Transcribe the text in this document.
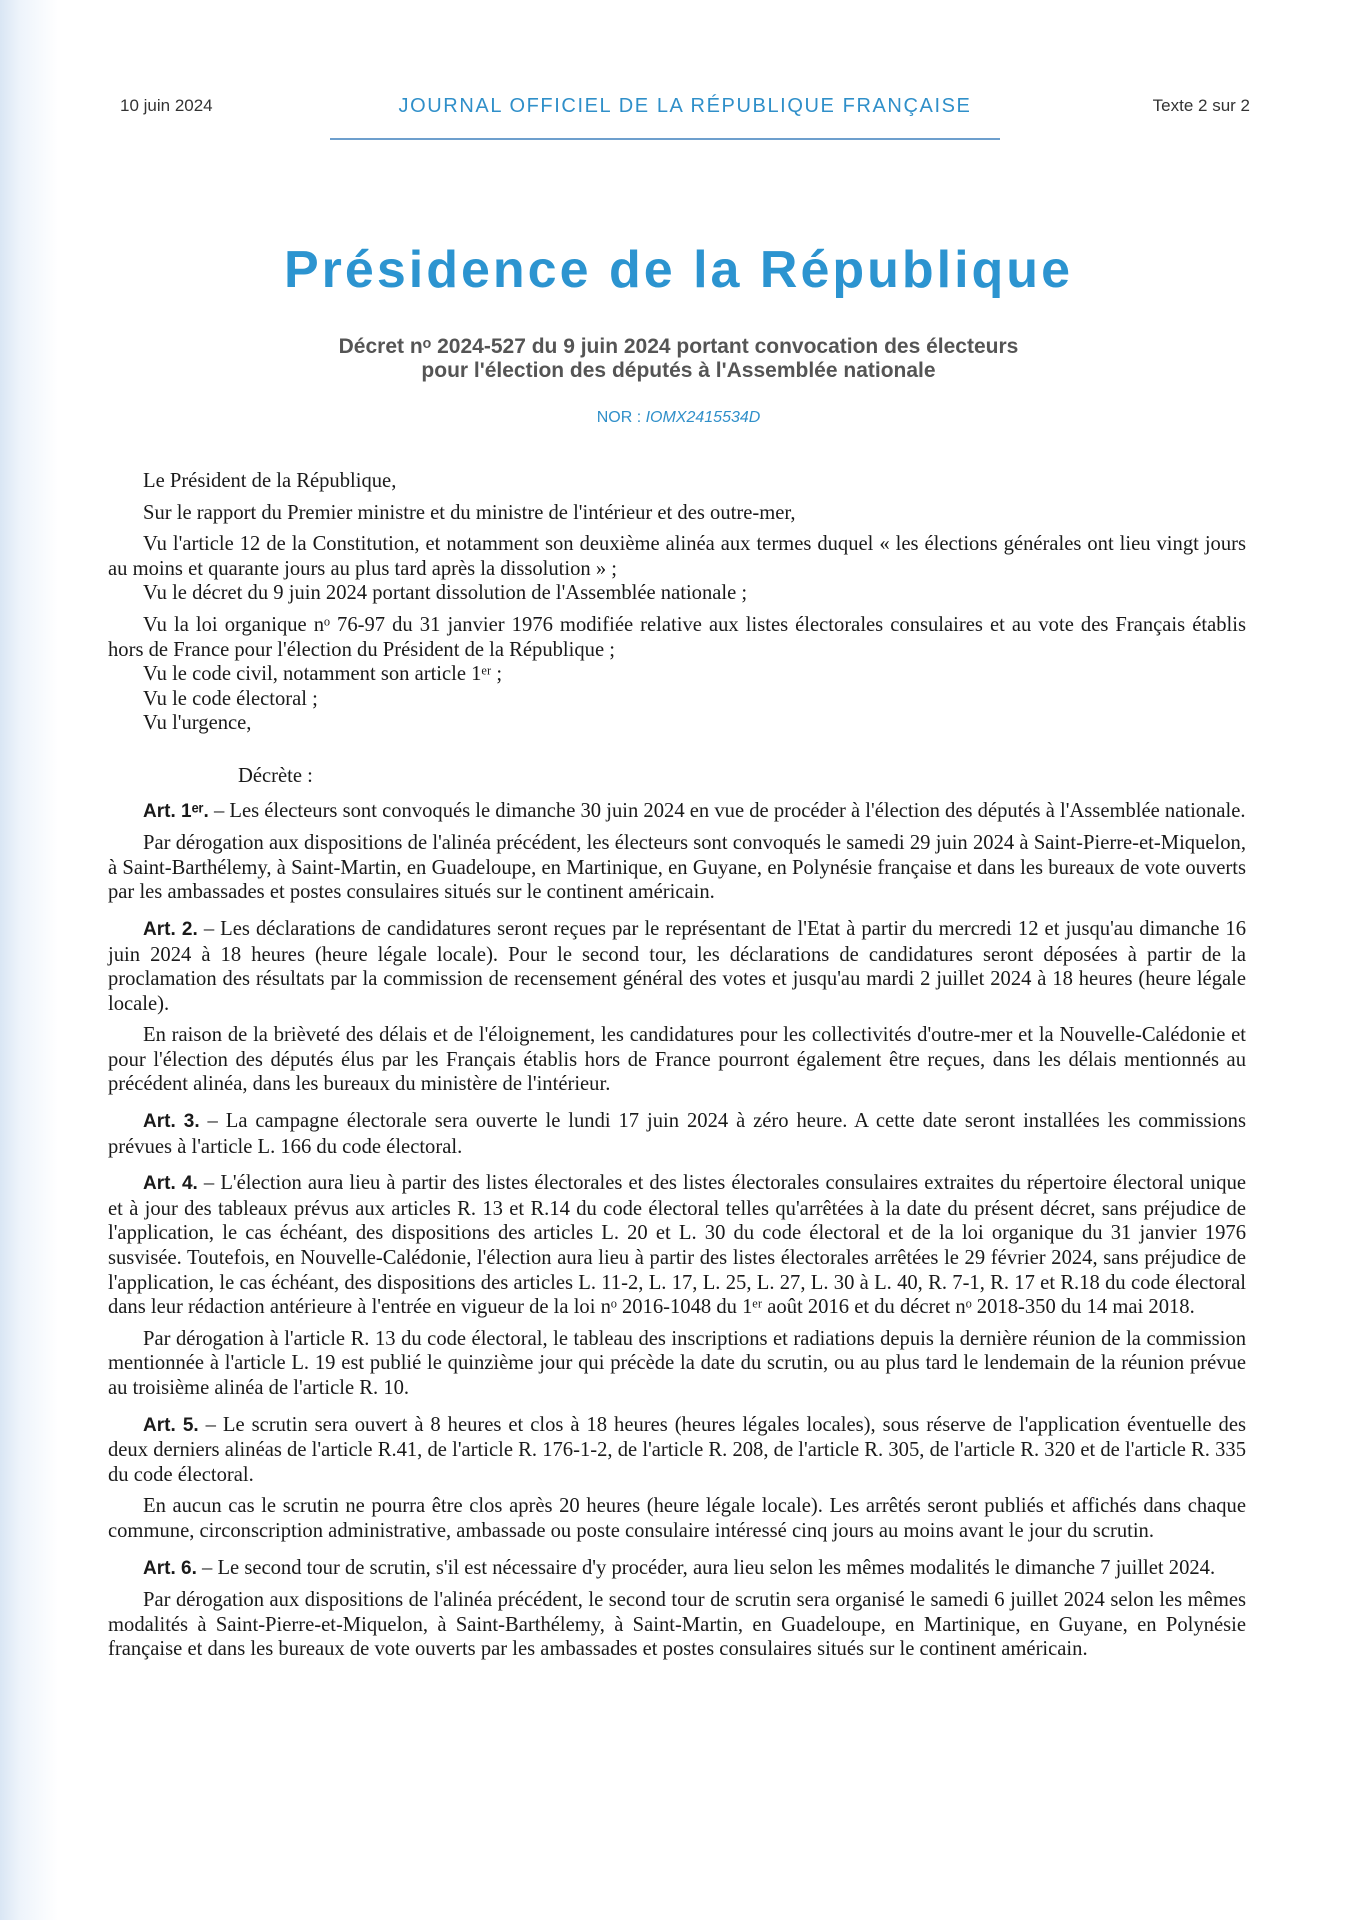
10 juin 2024	JOURNAL OFFICIEL DE LA RÉPUBLIQUE FRANÇAISE	Texte 2 sur 2
Présidence de la République
Décret nᵒ 2024-527 du 9 juin 2024 portant convocation des électeurs
pour l'élection des députés à l'Assemblée nationale
NOR : IOMX2415534D

Le Président de la République,

Sur le rapport du Premier ministre et du ministre de l'intérieur et des outre-mer,

Vu l'article 12 de la Constitution, et notamment son deuxième alinéa aux termes duquel « les élections générales ont lieu vingt jours au moins et quarante jours au plus tard après la dissolution » ;

Vu le décret du 9 juin 2024 portant dissolution de l'Assemblée nationale ;

Vu la loi organique nᵒ 76-97 du 31 janvier 1976 modifiée relative aux listes électorales consulaires et au vote des Français établis hors de France pour l'élection du Président de la République ;

Vu le code civil, notamment son article 1ᵉʳ ;

Vu le code électoral ;

Vu l'urgence,

Décrète :

Art. 1ᵉʳ. – Les électeurs sont convoqués le dimanche 30 juin 2024 en vue de procéder à l'élection des députés à l'Assemblée nationale.

Par dérogation aux dispositions de l'alinéa précédent, les électeurs sont convoqués le samedi 29 juin 2024 à Saint-Pierre-et-Miquelon, à Saint-Barthélemy, à Saint-Martin, en Guadeloupe, en Martinique, en Guyane, en Polynésie française et dans les bureaux de vote ouverts par les ambassades et postes consulaires situés sur le continent américain.

Art. 2. – Les déclarations de candidatures seront reçues par le représentant de l'Etat à partir du mercredi 12 et jusqu'au dimanche 16 juin 2024 à 18 heures (heure légale locale). Pour le second tour, les déclarations de candidatures seront déposées à partir de la proclamation des résultats par la commission de recensement général des votes et jusqu'au mardi 2 juillet 2024 à 18 heures (heure légale locale).

En raison de la brièveté des délais et de l'éloignement, les candidatures pour les collectivités d'outre-mer et la Nouvelle-Calédonie et pour l'élection des députés élus par les Français établis hors de France pourront également être reçues, dans les délais mentionnés au précédent alinéa, dans les bureaux du ministère de l'intérieur.

Art. 3. – La campagne électorale sera ouverte le lundi 17 juin 2024 à zéro heure. A cette date seront installées les commissions prévues à l'article L. 166 du code électoral.

Art. 4. – L'élection aura lieu à partir des listes électorales et des listes électorales consulaires extraites du répertoire électoral unique et à jour des tableaux prévus aux articles R. 13 et R.14 du code électoral telles qu'arrêtées à la date du présent décret, sans préjudice de l'application, le cas échéant, des dispositions des articles L. 20 et L. 30 du code électoral et de la loi organique du 31 janvier 1976 susvisée. Toutefois, en Nouvelle-Calédonie, l'élection aura lieu à partir des listes électorales arrêtées le 29 février 2024, sans préjudice de l'application, le cas échéant, des dispositions des articles L. 11-2, L. 17, L. 25, L. 27, L. 30 à L. 40, R. 7-1, R. 17 et R.18 du code électoral dans leur rédaction antérieure à l'entrée en vigueur de la loi nᵒ 2016-1048 du 1ᵉʳ août 2016 et du décret nᵒ 2018-350 du 14 mai 2018.

Par dérogation à l'article R. 13 du code électoral, le tableau des inscriptions et radiations depuis la dernière réunion de la commission mentionnée à l'article L. 19 est publié le quinzième jour qui précède la date du scrutin, ou au plus tard le lendemain de la réunion prévue au troisième alinéa de l'article R. 10.

Art. 5. – Le scrutin sera ouvert à 8 heures et clos à 18 heures (heures légales locales), sous réserve de l'application éventuelle des deux derniers alinéas de l'article R.41, de l'article R. 176-1-2, de l'article R. 208, de l'article R. 305, de l'article R. 320 et de l'article R. 335 du code électoral.

En aucun cas le scrutin ne pourra être clos après 20 heures (heure légale locale). Les arrêtés seront publiés et affichés dans chaque commune, circonscription administrative, ambassade ou poste consulaire intéressé cinq jours au moins avant le jour du scrutin.

Art. 6. – Le second tour de scrutin, s'il est nécessaire d'y procéder, aura lieu selon les mêmes modalités le dimanche 7 juillet 2024.

Par dérogation aux dispositions de l'alinéa précédent, le second tour de scrutin sera organisé le samedi 6 juillet 2024 selon les mêmes modalités à Saint-Pierre-et-Miquelon, à Saint-Barthélemy, à Saint-Martin, en Guadeloupe, en Martinique, en Guyane, en Polynésie française et dans les bureaux de vote ouverts par les ambassades et postes consulaires situés sur le continent américain.
